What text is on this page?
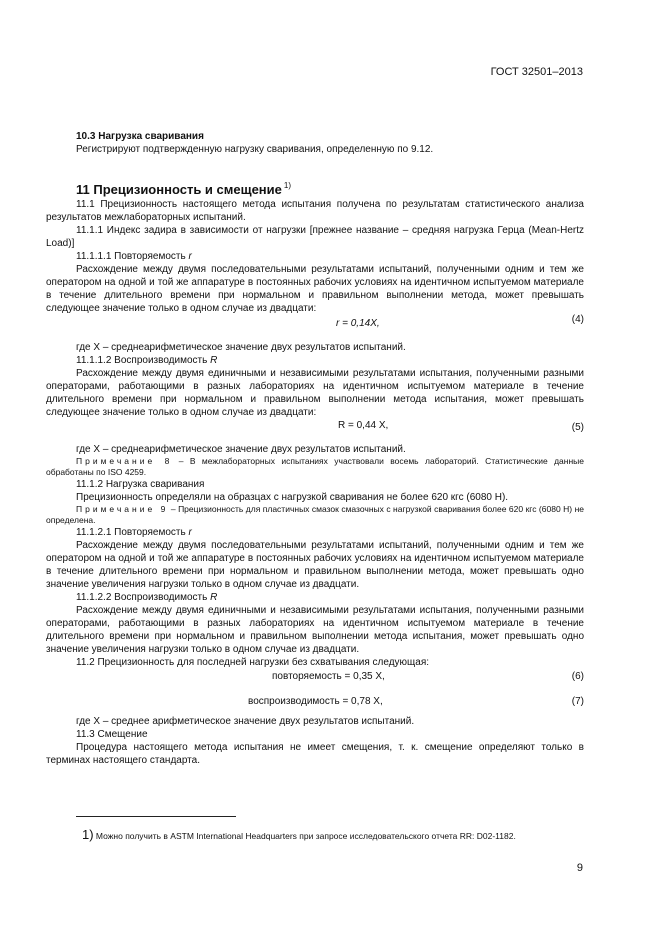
ГОСТ 32501–2013
10.3 Нагрузка сваривания
Регистрируют подтвержденную нагрузку сваривания, определенную по 9.12.
11 Прецизионность и смещение $^{1)}$
11.1 Прецизионность настоящего метода испытания получена по результатам статистического анализа результатов межлабораторных испытаний.
11.1.1 Индекс задира в зависимости от нагрузки [прежнее название – средняя нагрузка Герца (Mean-Hertz Load)]
11.1.1.1 Повторяемость r
Расхождение между двумя последовательными результатами испытаний, полученными одним и тем же оператором на одной и той же аппаратуре в постоянных рабочих условиях на идентичном испытуемом материале в течение длительного времени при нормальном и правильном выполнении метода, может превышать следующее значение только в одном случае из двадцати:
r = 0,14X,	(4)
где X – среднеарифметическое значение двух результатов испытаний.
11.1.1.2 Воспроизводимость R
Расхождение между двумя единичными и независимыми результатами испытания, полученными разными операторами, работающими в разных лабораториях на идентичном испытуемом материале в течение длительного времени при нормальном и правильном выполнении метода испытания, может превышать следующее значение только в одном случае из двадцати:
R = 0,44 X,	(5)
где X – среднеарифметическое значение двух результатов испытаний.
Примечание 8 – В межлабораторных испытаниях участвовали восемь лабораторий. Статистические данные обработаны по ISO 4259.
11.1.2 Нагрузка сваривания
Прецизионность определяли на образцах с нагрузкой сваривания не более 620 кгс (6080 Н).
Примечание 9 – Прецизионность для пластичных смазок смазочных с нагрузкой сваривания более 620 кгс (6080 Н) не определена.
11.1.2.1 Повторяемость r
Расхождение между двумя последовательными результатами испытаний, полученными одним и тем же оператором на одной и той же аппаратуре в постоянных рабочих условиях на идентичном испытуемом материале в течение длительного времени при нормальном и правильном выполнении метода, может превышать одно значение увеличения нагрузки только в одном случае из двадцати.
11.1.2.2 Воспроизводимость R
Расхождение между двумя единичными и независимыми результатами испытания, полученными разными операторами, работающими в разных лабораториях на идентичном испытуемом материале в течение длительного времени при нормальном и правильном выполнении метода испытания, может превышать одно значение увеличения нагрузки только в одном случае из двадцати.
11.2 Прецизионность для последней нагрузки без схватывания следующая:
повторяемость = 0,35 X,	(6)
воспроизводимость = 0,78 X,	(7)
где X – среднее арифметическое значение двух результатов испытаний.
11.3 Смещение
Процедура настоящего метода испытания не имеет смещения, т. к. смещение определяют только в терминах настоящего стандарта.
1) Можно получить в ASTM International Headquarters при запросе исследовательского отчета RR: D02-1182.
9
